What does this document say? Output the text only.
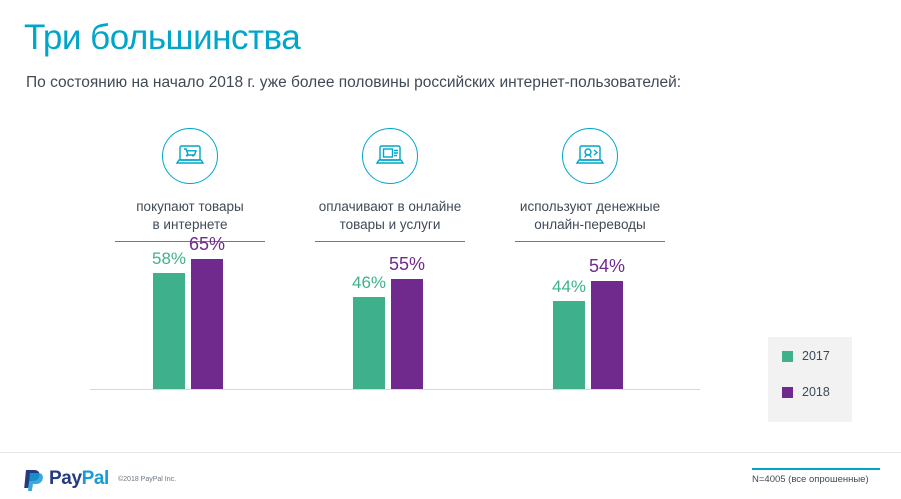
Три большинства
По состоянию на начало 2018 г. уже более половины российских интернет-пользователей:
покупают товары
в интернете
оплачивают в онлайне
товары и услуги
используют денежные
онлайн-переводы
58%
65%
46%
55%
44%
54%
2017
2018
Pay Pal ©2018 PayPal Inc.	N=4005 (все опрошенные)
